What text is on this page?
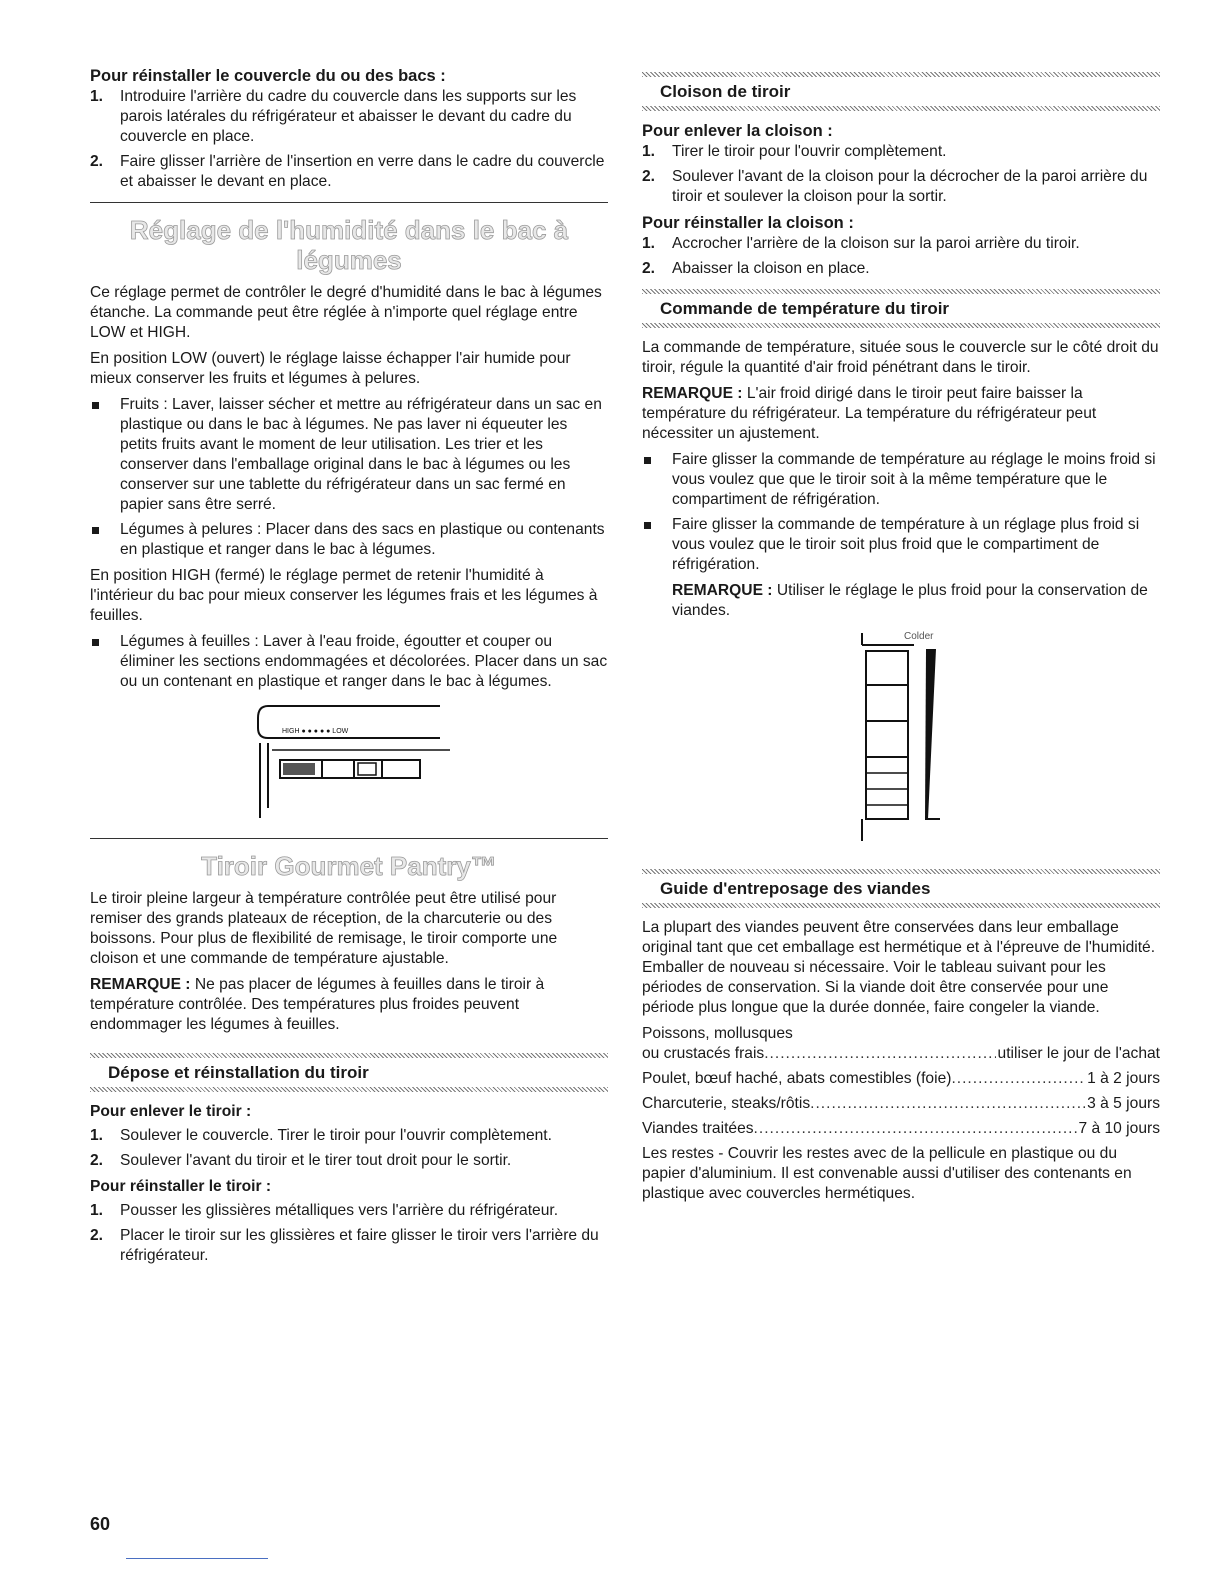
Pour réinstaller le couvercle du ou des bacs :
1. Introduire l'arrière du cadre du couvercle dans les supports sur les parois latérales du réfrigérateur et abaisser le devant du cadre du couvercle en place.
2. Faire glisser l'arrière de l'insertion en verre dans le cadre du couvercle et abaisser le devant en place.
Réglage de l'humidité dans le bac à légumes

Ce réglage permet de contrôler le degré d'humidité dans le bac à légumes étanche. La commande peut être réglée à n'importe quel réglage entre LOW et HIGH.

En position LOW (ouvert) le réglage laisse échapper l'air humide pour mieux conserver les fruits et légumes à pelures.

Fruits : Laver, laisser sécher et mettre au réfrigérateur dans un sac en plastique ou dans le bac à légumes. Ne pas laver ni équeuter les petits fruits avant le moment de leur utilisation. Les trier et les conserver dans l'emballage original dans le bac à légumes ou les conserver sur une tablette du réfrigérateur dans un sac fermé en papier sans être serré.
Légumes à pelures : Placer dans des sacs en plastique ou contenants en plastique et ranger dans le bac à légumes.

En position HIGH (fermé) le réglage permet de retenir l'humidité à l'intérieur du bac pour mieux conserver les légumes frais et les légumes à feuilles.

Légumes à feuilles : Laver à l'eau froide, égoutter et couper ou éliminer les sections endommagées et décolorées. Placer dans un sac ou un contenant en plastique et ranger dans le bac à légumes.
HIGH ● ● ● ● ● LOW
Tiroir Gourmet Pantry™

Le tiroir pleine largeur à température contrôlée peut être utilisé pour remiser des grands plateaux de réception, de la charcuterie ou des boissons. Pour plus de flexibilité de remisage, le tiroir comporte une cloison et une commande de température ajustable.

REMARQUE : Ne pas placer de légumes à feuilles dans le tiroir à température contrôlée. Des températures plus froides peuvent endommager les légumes à feuilles.

Dépose et réinstallation du tiroir
Pour enlever le tiroir :
1. Soulever le couvercle. Tirer le tiroir pour l'ouvrir complètement.
2. Soulever l'avant du tiroir et le tirer tout droit pour le sortir.
Pour réinstaller le tiroir :
1. Pousser les glissières métalliques vers l'arrière du réfrigérateur.
2. Placer le tiroir sur les glissières et faire glisser le tiroir vers l'arrière du réfrigérateur.
Cloison de tiroir
Pour enlever la cloison :
1. Tirer le tiroir pour l'ouvrir complètement.
2. Soulever l'avant de la cloison pour la décrocher de la paroi arrière du tiroir et soulever la cloison pour la sortir.
Pour réinstaller la cloison :
1. Accrocher l'arrière de la cloison sur la paroi arrière du tiroir.
2. Abaisser la cloison en place.
Commande de température du tiroir

La commande de température, située sous le couvercle sur le côté droit du tiroir, régule la quantité d'air froid pénétrant dans le tiroir.

REMARQUE : L'air froid dirigé dans le tiroir peut faire baisser la température du réfrigérateur. La température du réfrigérateur peut nécessiter un ajustement.

Faire glisser la commande de température au réglage le moins froid si vous voulez que que le tiroir soit à la même température que le compartiment de réfrigération.
Faire glisser la commande de température à un réglage plus froid si vous voulez que le tiroir soit plus froid que le compartiment de réfrigération.

REMARQUE : Utiliser le réglage le plus froid pour la conservation de viandes.

Colder
Guide d'entreposage des viandes

La plupart des viandes peuvent être conservées dans leur emballage original tant que cet emballage est hermétique et à l'épreuve de l'humidité. Emballer de nouveau si nécessaire. Voir le tableau suivant pour les périodes de conservation. Si la viande doit être conservée pour une période plus longue que la durée donnée, faire congeler la viande.

Poissons, mollusques
ou crustacés frais .....	utiliser le jour de l'achat
Poulet, bœuf haché, abats comestibles (foie) .....	1 à 2 jours
Charcuterie, steaks/rôtis .....	3 à 5 jours
Viandes traitées .....	7 à 10 jours

Les restes - Couvrir les restes avec de la pellicule en plastique ou du papier d'aluminium. Il est convenable aussi d'utiliser des contenants en plastique avec couvercles hermétiques.

60
